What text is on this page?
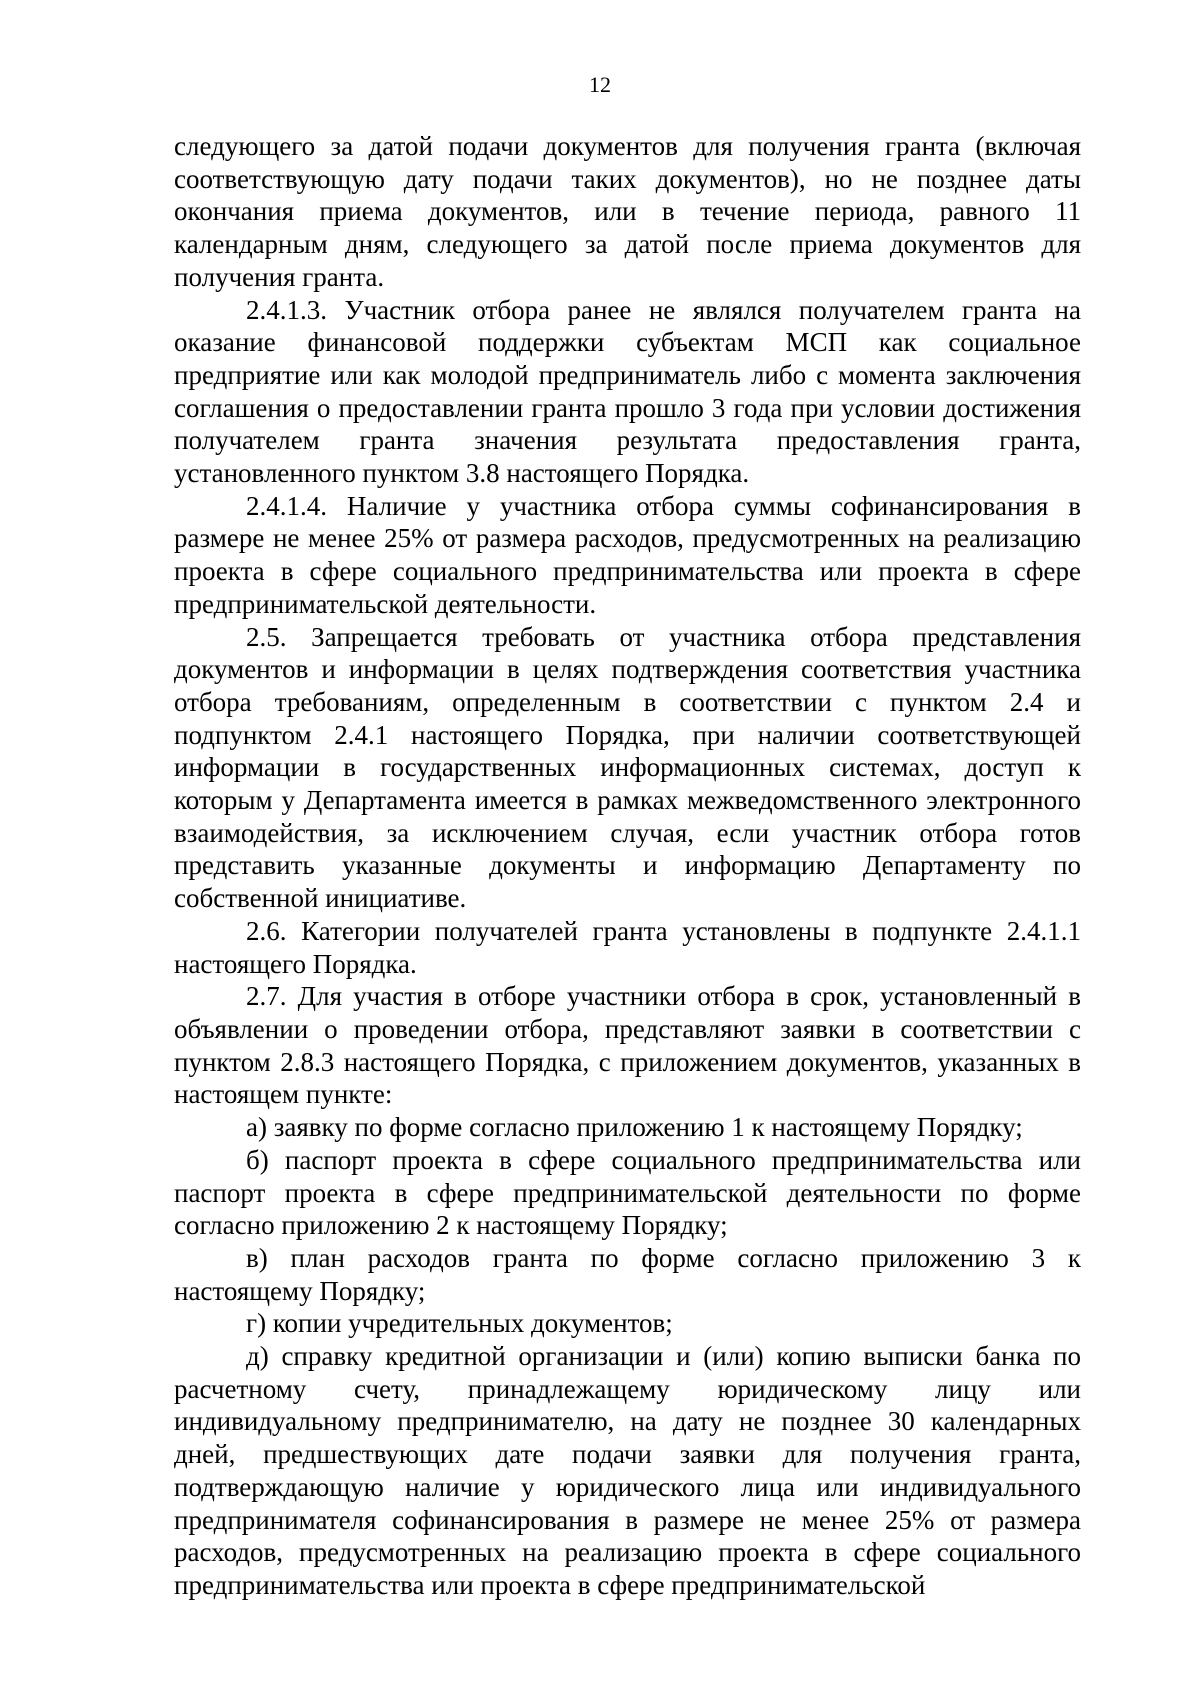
12

следующего за датой подачи документов для получения гранта (включая соответствующую дату подачи таких документов), но не позднее даты окончания приема документов, или в течение периода, равного 11 календарным дням, следующего за датой после приема документов для получения гранта.

2.4.1.3. Участник отбора ранее не являлся получателем гранта на оказание финансовой поддержки субъектам МСП как социальное предприятие или как молодой предприниматель либо с момента заключения соглашения о предоставлении гранта прошло 3 года при условии достижения получателем гранта значения результата предоставления гранта, установленного пунктом 3.8 настоящего Порядка.

2.4.1.4. Наличие у участника отбора суммы софинансирования в размере не менее 25% от размера расходов, предусмотренных на реализацию проекта в сфере социального предпринимательства или проекта в сфере предпринимательской деятельности.

2.5. Запрещается требовать от участника отбора представления документов и информации в целях подтверждения соответствия участника отбора требованиям, определенным в соответствии с пунктом 2.4 и подпунктом 2.4.1 настоящего Порядка, при наличии соответствующей информации в государственных информационных системах, доступ к которым у Департамента имеется в рамках межведомственного электронного взаимодействия, за исключением случая, если участник отбора готов представить указанные документы и информацию Департаменту по собственной инициативе.

2.6. Категории получателей гранта установлены в подпункте 2.4.1.1 настоящего Порядка.

2.7. Для участия в отборе участники отбора в срок, установленный в объявлении о проведении отбора, представляют заявки в соответствии с пунктом 2.8.3 настоящего Порядка, с приложением документов, указанных в настоящем пункте:

а) заявку по форме согласно приложению 1 к настоящему Порядку;

б) паспорт проекта в сфере социального предпринимательства или паспорт проекта в сфере предпринимательской деятельности по форме согласно приложению 2 к настоящему Порядку;

в) план расходов гранта по форме согласно приложению 3 к настоящему Порядку;

г) копии учредительных документов;

д) справку кредитной организации и (или) копию выписки банка по расчетному счету, принадлежащему юридическому лицу или индивидуальному предпринимателю, на дату не позднее 30 календарных дней, предшествующих дате подачи заявки для получения гранта, подтверждающую наличие у юридического лица или индивидуального предпринимателя софинансирования в размере не менее 25% от размера расходов, предусмотренных на реализацию проекта в сфере социального предпринимательства или проекта в сфере предпринимательской
